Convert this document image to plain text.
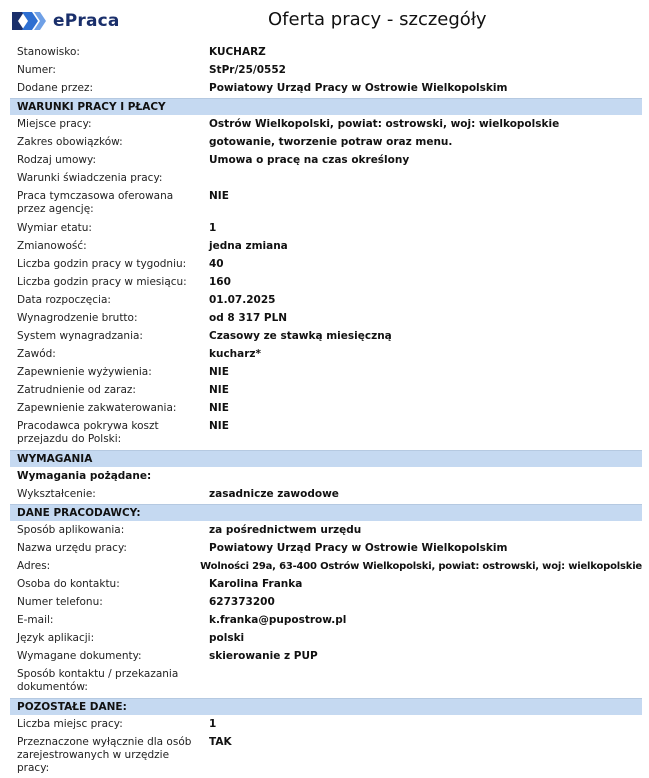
ePraca	Oferta pracy - szczegóły
Stanowisko:	KUCHARZ
Numer:	StPr/25/0552
Dodane przez:	Powiatowy Urząd Pracy w Ostrowie Wielkopolskim
WARUNKI PRACY I PŁACY
Miejsce pracy:	Ostrów Wielkopolski, powiat: ostrowski, woj: wielkopolskie
Zakres obowiązków:	gotowanie, tworzenie potraw oraz menu.
Rodzaj umowy:	Umowa o pracę na czas określony
Warunki świadczenia pracy:
Praca tymczasowa oferowana przez agencję:
NIE
Wymiar etatu:	1
Zmianowość:	jedna zmiana
Liczba godzin pracy w tygodniu:	40
Liczba godzin pracy w miesiącu:	160
Data rozpoczęcia:	01.07.2025
Wynagrodzenie brutto:	od 8 317 PLN
System wynagradzania:	Czasowy ze stawką miesięczną
Zawód:	kucharz*
Zapewnienie wyżywienia:	NIE
Zatrudnienie od zaraz:	NIE
Zapewnienie zakwaterowania:	NIE
Pracodawca pokrywa koszt przejazdu do Polski:
NIE
WYMAGANIA
Wymagania pożądane:
Wykształcenie:	zasadnicze zawodowe
DANE PRACODAWCY:
Sposób aplikowania:	za pośrednictwem urzędu
Nazwa urzędu pracy:	Powiatowy Urząd Pracy w Ostrowie Wielkopolskim
Adres:	Wolności 29a, 63-400 Ostrów Wielkopolski, powiat: ostrowski, woj: wielkopolskie
Osoba do kontaktu:	Karolina Franka
Numer telefonu:	627373200
E-mail:	k.franka@pupostrow.pl
Język aplikacji:	polski
Wymagane dokumenty:	skierowanie z PUP
Sposób kontaktu / przekazania dokumentów:
POZOSTAŁE DANE:
Liczba miejsc pracy:	1
Przeznaczone wyłącznie dla osób zarejestrowanych w urzędzie pracy:
TAK
